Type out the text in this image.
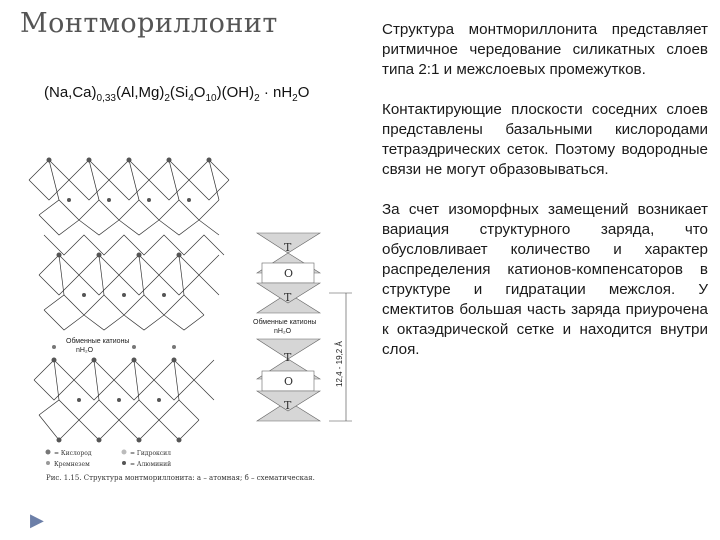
Монтмориллонит
$(Na,Ca)_{0,33}(Al,Mg)_2(Si_4O_{10})(OH)_2 \cdot nH_2O$

Структура монтмориллонита представляет ритмичное чередование силикатных слоев типа 2:1 и межслоевых промежутков.

Контактирующие плоскости соседних слоев представлены базальными кислородами тетраэдрических сеток. Поэтому водородные связи не могут образовываться.

За счет изоморфных замещений возникает вариация структурного заряда, что обусловливает количество и характер распределения катионов-компенсаторов в структуре и гидратации межслоя. У смектитов большая часть заряда приурочена к октаэдрической сетке и находится внутри слоя.

Обменные катионы
nH₂O
T
O
T
Обменные катионы
nH₂O
T
O
T
12,4 - 19,2 Å
= Кислород
Кремнезем
= Гидроксил
= Алюминий
Рис. 1.15. Структура монтмориллонита: а – атомная; б – схематическая.
▶
